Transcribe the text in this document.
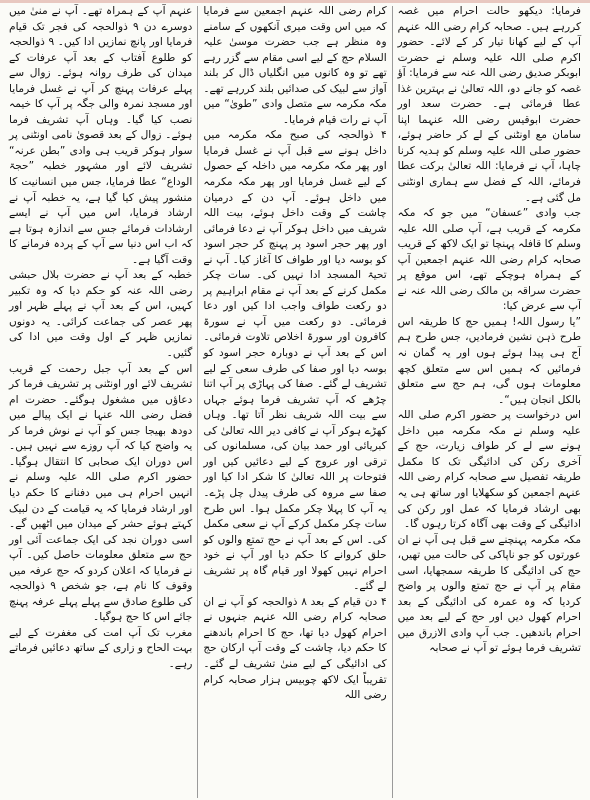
فرمایا: دیکھو حالت احرام میں غصہ کررہے ہیں۔ صحابہ کرام رضی اللہ عنہم آپ کے لیے کھانا تیار کر کے لائے۔ حضور اکرم صلی اللہ علیہ وسلم نے حضرت ابوبکر صدیق رضی اللہ عنہ سے فرمایا: آؤ غصہ کو جانے دو، اللہ تعالیٰ نے بہترین غذا عطا فرمائی ہے۔ حضرت سعد اور حضرت ابوقیس رضی اللہ عنہما اپنا سامان مع اونٹنی کے لے کر حاضر ہوئے، حضور صلی اللہ علیہ وسلم کو ہدیہ کرنا چاہا، آپ نے فرمایا: اللہ تعالیٰ برکت عطا فرمائے، اللہ کے فضل سے ہماری اونٹنی مل گئی ہے۔

جب وادی ”عسفان“ میں جو کہ مکہ مکرمہ کے قریب ہے، آپ صلی اللہ علیہ وسلم کا قافلہ پہنچا تو ایک لاکھ کے قریب صحابہ کرام رضی اللہ عنہم اجمعین آپ کے ہمراہ ہوچکے تھے، اس موقع پر حضرت سراقہ بن مالک رضی اللہ عنہ نے آپ سے عرض کیا:

”یا رسول اللہ! ہمیں حج کا طریقہ اس طرح ذہن نشین فرمادیں، جس طرح ہم آج ہی پیدا ہوئے ہوں اور یہ گمان نہ فرمائیں کہ ہمیں اس سے متعلق کچھ معلومات ہوں گی، ہم حج سے متعلق بالکل انجان ہیں“۔

اس درخواست پر حضور اکرم صلی اللہ علیہ وسلم نے مکہ مکرمہ میں داخل ہونے سے لے کر طواف زیارت، حج کے آخری رکن کی ادائیگی تک کا مکمل طریقہ تفصیل سے صحابہ کرام رضی اللہ عنہم اجمعین کو سکھلایا اور ساتھ ہی یہ بھی ارشاد فرمایا کہ عمل اور رکن کی ادائیگی کے وقت بھی آگاہ کرتا رہوں گا۔

مکہ مکرمہ پہنچنے سے قبل ہی آپ نے ان عورتوں کو جو ناپاکی کی حالت میں تھیں، حج کی ادائیگی کا طریقہ سمجھایا، اسی مقام پر آپ نے حج تمتع والوں پر واضح کردیا کہ وہ عمرہ کی ادائیگی کے بعد احرام کھول دیں اور حج کے لیے بعد میں احرام باندھیں۔ جب آپ وادی الازرق میں تشریف فرما ہوئے تو آپ نے صحابہ

کرام رضی اللہ عنہم اجمعین سے فرمایا کہ میں اس وقت میری آنکھوں کے سامنے وہ منظر ہے جب حضرت موسیٰ علیہ السلام حج کے لیے اسی مقام سے گزر رہے تھے تو وہ کانوں میں انگلیاں ڈال کر بلند آواز سے لبیک کی صدائیں بلند کررہے تھے۔ مکہ مکرمہ سے متصل وادی ”طویٰ“ میں آپ نے رات قیام فرمایا۔

۴ ذوالحجہ کی صبح مکہ مکرمہ میں داخل ہونے سے قبل آپ نے غسل فرمایا اور پھر مکہ مکرمہ میں داخلہ کے حصول کے لیے غسل فرمایا اور پھر مکہ مکرمہ میں داخل ہوئے۔ آپ دن کے درمیان چاشت کے وقت داخل ہوئے، بیت اللہ شریف میں داخل ہوکر آپ نے دعا فرمائی اور پھر حجر اسود پر پہنچ کر حجر اسود کو بوسہ دیا اور طواف کا آغاز کیا۔ آپ نے تحیۃ المسجد ادا نہیں کی۔ سات چکر مکمل کرنے کے بعد آپ نے مقام ابراہیم پر دو رکعت طواف واجب ادا کیں اور دعا فرمائی۔ دو رکعت میں آپ نے سورۃ کافرون اور سورۃ اخلاص تلاوت فرمائی۔ اس کے بعد آپ نے دوبارہ حجر اسود کو بوسہ دیا اور صفا کی طرف سعی کے لیے تشریف لے گئے۔ صفا کی پہاڑی پر آپ اتنا چڑھے کہ آپ تشریف فرما ہوئے جہاں سے بیت اللہ شریف نظر آتا تھا۔ وہاں کھڑے ہوکر آپ نے کافی دیر اللہ تعالیٰ کی کبریائی اور حمد بیان کی، مسلمانوں کی ترقی اور عروج کے لیے دعائیں کیں اور فتوحات پر اللہ تعالیٰ کا شکر ادا کیا اور صفا سے مروہ کی طرف پیدل چل پڑے۔ یہ آپ کا پہلا چکر مکمل ہوا۔ اس طرح سات چکر مکمل کرکے آپ نے سعی مکمل کی۔ اس کے بعد آپ نے حج تمتع والوں کو حلق کروانے کا حکم دیا اور آپ نے خود احرام نہیں کھولا اور قیام گاہ پر تشریف لے گئے۔

۴ دن قیام کے بعد ۸ ذوالحجہ کو آپ نے ان صحابہ کرام رضی اللہ عنہم جنہوں نے احرام کھول دیا تھا، حج کا احرام باندھنے کا حکم دیا، چاشت کے وقت آپ ارکان حج کی ادائیگی کے لیے منیٰ تشریف لے گئے۔ تقریباً ایک لاکھ چوبیس ہزار صحابہ کرام رضی اللہ

عنہم آپ کے ہمراہ تھے۔ آپ نے منیٰ میں دوسرے دن ۹ ذوالحجہ کی فجر تک قیام فرمایا اور پانچ نمازیں ادا کیں۔ ۹ ذوالحجہ کو طلوع آفتاب کے بعد آپ عرفات کے میدان کی طرف روانہ ہوئے۔ زوال سے پہلے عرفات پہنچ کر آپ نے غسل فرمایا اور مسجد نمرہ والی جگہ پر آپ کا خیمہ نصب کیا گیا۔ وہاں آپ تشریف فرما ہوئے۔ زوال کے بعد قصویٰ نامی اونٹنی پر سوار ہوکر قریب ہی وادی ”بطن عرنہ“ تشریف لائے اور مشہور خطبہ ”حجۃ الوداع“ عطا فرمایا، جس میں انسانیت کا منشور پیش کیا گیا ہے، یہ خطبہ آپ نے ارشاد فرمایا، اس میں آپ نے ایسے ارشادات فرمائے جس سے اندازہ ہوتا ہے کہ اب اس دنیا سے آپ کے پردہ فرمانے کا وقت آگیا ہے۔

خطبہ کے بعد آپ نے حضرت بلال حبشی رضی اللہ عنہ کو حکم دیا کہ وہ تکبیر کہیں، اس کے بعد آپ نے پہلے ظہر اور پھر عصر کی جماعت کرائی۔ یہ دونوں نمازیں ظہر کے اول وقت میں ادا کی گئیں۔

اس کے بعد آپ جبل رحمت کے قریب تشریف لائے اور اونٹنی پر تشریف فرما کر دعاؤں میں مشغول ہوگئے۔ حضرت ام فضل رضی اللہ عنہا نے ایک پیالے میں دودھ بھیجا جس کو آپ نے نوش فرما کر یہ واضح کیا کہ آپ روزے سے نہیں ہیں۔ اس دوران ایک صحابی کا انتقال ہوگیا۔ حضور اکرم صلی اللہ علیہ وسلم نے انہیں احرام ہی میں دفنانے کا حکم دیا اور ارشاد فرمایا کہ یہ قیامت کے دن لبیک کہتے ہوئے حشر کے میدان میں اٹھیں گے۔ اسی دوران نجد کی ایک جماعت آئی اور حج سے متعلق معلومات حاصل کیں۔ آپ نے فرمایا کہ اعلان کردو کہ حج عرفہ میں وقوف کا نام ہے، جو شخص ۹ ذوالحجہ کی طلوع صادق سے پہلے پہلے عرفہ پہنچ جائے اس کا حج ہوگیا۔

مغرب تک آپ امت کی مغفرت کے لیے بہت الحاح و زاری کے ساتھ دعائیں فرماتے رہے۔
